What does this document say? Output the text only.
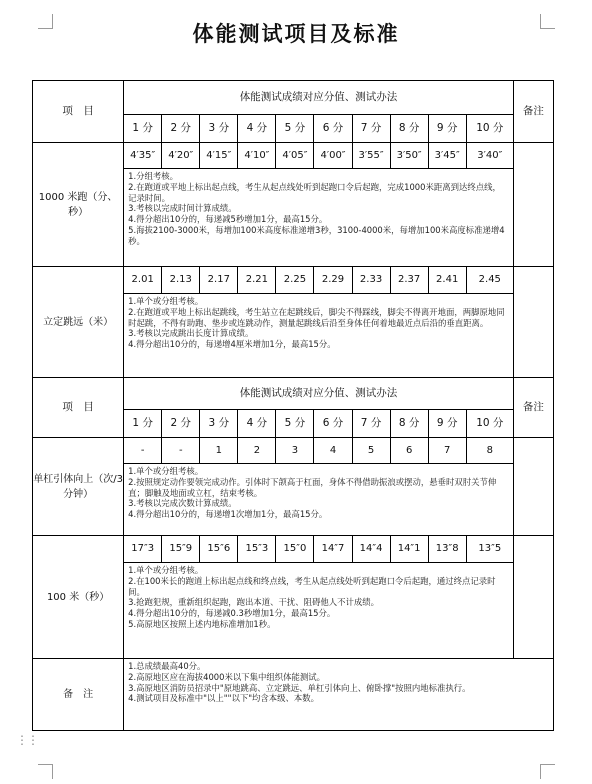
体能测试项目及标准
项　目	体能测试成绩对应分值、测试办法										备注
	1 分	2 分	3 分	4 分	5 分	6 分	7 分	8 分	9 分	10 分	
1000 米跑（分、秒）	4′35″	4′20″	4′15″	4′10″	4′05″	4′00″	3′55″	3′50″	3′45″	3′40″	

	1.分组考核。
2.在跑道或平地上标出起点线，考生从起点线处听到起跑口令后起跑，完成1000米距离到达终点线，记录时间。
3.考核以完成时间计算成绩。
4.得分超出10分的，每递减5秒增加1分，最高15分。
5.海拔2100-3000米，每增加100米高度标准递增3秒，3100-4000米，每增加100米高度标准递增4秒。										

立定跳远（米）	2.01	2.13	2.17	2.21	2.25	2.29	2.33	2.37	2.41	2.45	

	1.单个或分组考核。
2.在跑道或平地上标出起跳线，考生站立在起跳线后，脚尖不得踩线，脚尖不得离开地面，两脚原地同时起跳，不得有助跑、垫步或连跳动作，测量起跳线后沿至身体任何着地最近点后沿的垂直距离。
3.考核以完成跳出长度计算成绩。
4.得分超出10分的，每递增4厘米增加1分，最高15分。										

项　目	体能测试成绩对应分值、测试办法										备注
	1 分	2 分	3 分	4 分	5 分	6 分	7 分	8 分	9 分	10 分	
单杠引体向上（次/3 分钟）	-	-	1	2	3	4	5	6	7	8	

	1.单个或分组考核。
2.按照规定动作要领完成动作。引体时下颌高于杠面，身体不得借助振浪或摆动，悬垂时双肘关节伸直；脚触及地面或立杠，结束考核。
3.考核以完成次数计算成绩。
4.得分超出10分的，每递增1次增加1分，最高15分。										

100 米（秒）	17″3	15″9	15″6	15″3	15″0	14″7	14″4	14″1	13″8	13″5	

	1.单个或分组考核。
2.在100米长的跑道上标出起点线和终点线，考生从起点线处听到起跑口令后起跑，通过终点记录时间。
3.抢跑犯规，重新组织起跑，跑出本道、干扰、阻碍他人不计成绩。
4.得分超出10分的，每递减0.3秒增加1分，最高15分。
5.高原地区按照上述内地标准增加1秒。										

备　注	1.总成绩最高40分。
2.高原地区应在海拔4000米以下集中组织体能测试。
3.高原地区消防员招录中"原地跳高、立定跳远、单杠引体向上、俯卧撑"按照内地标准执行。
4.测试项目及标准中"以上""以下"均含本级、本数。										
⋮⋮
